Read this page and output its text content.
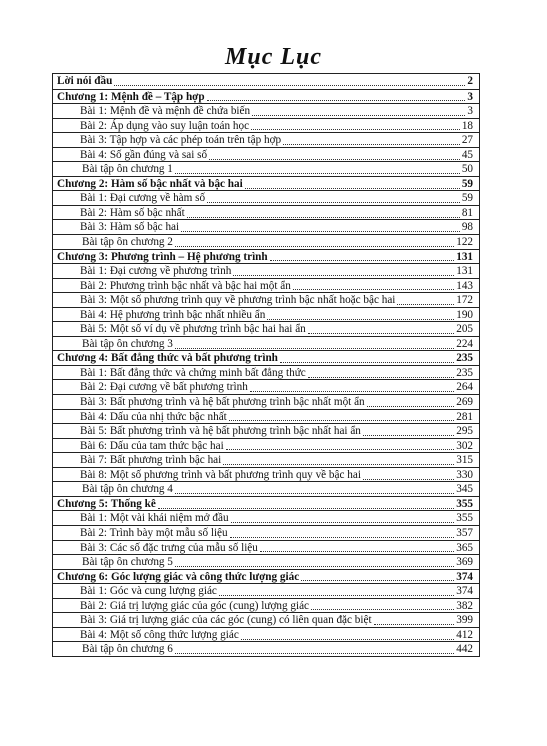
Mục Lục
Lời nói đầu	2
Chương 1: Mệnh đề – Tập hợp	3
Bài 1: Mệnh đề và mệnh đề chứa biến	3
Bài 2: Áp dụng vào suy luận toán học	18
Bài 3: Tập hợp và các phép toán trên tập hợp	27
Bài 4: Số gần đúng và sai số	45
Bài tập ôn chương 1	50
Chương 2: Hàm số bậc nhất và bậc hai	59
Bài 1: Đại cương về hàm số	59
Bài 2: Hàm số bậc nhất	81
Bài 3: Hàm số bậc hai	98
Bài tập ôn chương 2	122
Chương 3: Phương trình – Hệ phương trình	131
Bài 1: Đại cương về phương trình	131
Bài 2: Phương trình bậc nhất và bậc hai một ẩn	143
Bài 3: Một số phương trình quy về phương trình bậc nhất hoặc bậc hai	172
Bài 4: Hệ phương trình bậc nhất nhiều ẩn	190
Bài 5: Một số ví dụ về phương trình bậc hai hai ẩn	205
Bài tập ôn chương 3	224
Chương 4: Bất đẳng thức và bất phương trình	235
Bài 1: Bất đẳng thức và chứng minh bất đẳng thức	235
Bài 2: Đại cương về bất phương trình	264
Bài 3: Bất phương trình và hệ bất phương trình bậc nhất một ẩn	269
Bài 4: Dấu của nhị thức bậc nhất	281
Bài 5: Bất phương trình và hệ bất phương trình bậc nhất hai ẩn	295
Bài 6: Dấu của tam thức bậc hai	302
Bài 7: Bất phương trình bậc hai	315
Bài 8: Một số phương trình và bất phương trình quy về bậc hai	330
Bài tập ôn chương 4	345
Chương 5: Thống kê	355
Bài 1: Một vài khái niệm mở đầu	355
Bài 2: Trình bày một mẫu số liệu	357
Bài 3: Các số đặc trưng của mẫu số liệu	365
Bài tập ôn chương 5	369
Chương 6: Góc lượng giác và công thức lượng giác	374
Bài 1: Góc và cung lượng giác	374
Bài 2: Giá trị lượng giác của góc (cung) lượng giác	382
Bài 3: Giá trị lượng giác của các góc (cung) có liên quan đặc biệt	399
Bài 4: Một số công thức lượng giác	412
Bài tập ôn chương 6	442
